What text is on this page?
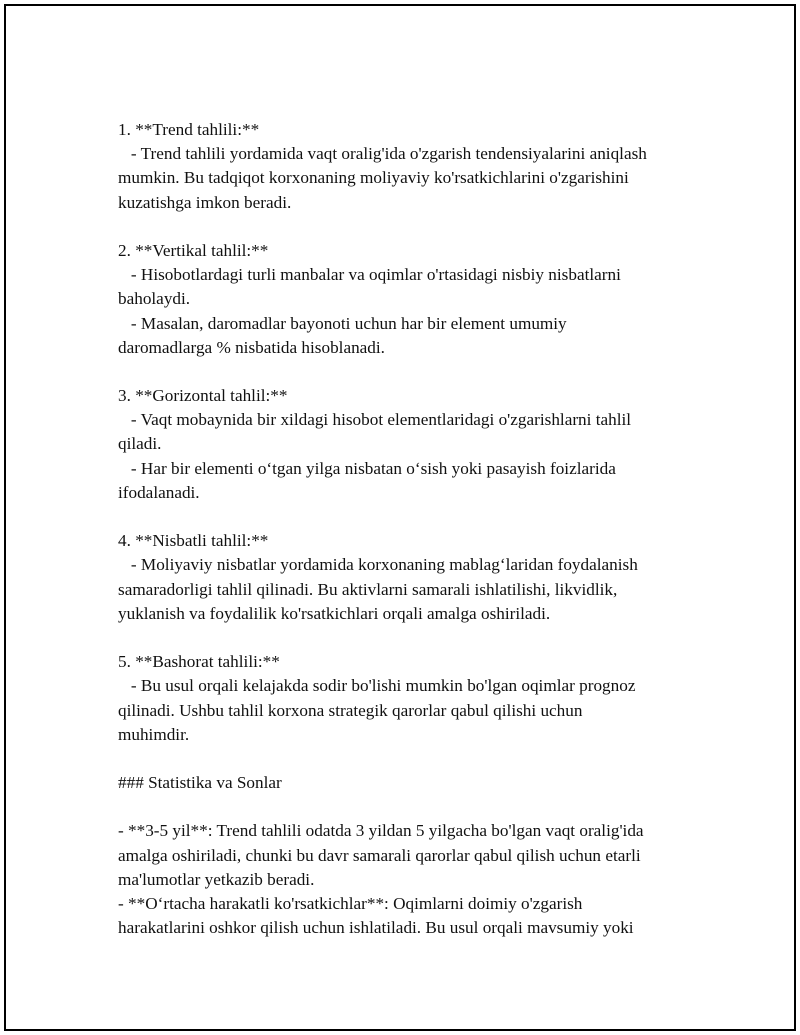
1. **Trend tahlili:**
- Trend tahlili yordamida vaqt oralig'ida o'zgarish tendensiyalarini aniqlash
mumkin. Bu tadqiqot korxonaning moliyaviy ko'rsatkichlarini o'zgarishini
kuzatishga imkon beradi.
2. **Vertikal tahlil:**
- Hisobotlardagi turli manbalar va oqimlar o'rtasidagi nisbiy nisbatlarni
baholaydi.
- Masalan, daromadlar bayonoti uchun har bir element umumiy
daromadlarga % nisbatida hisoblanadi.
3. **Gorizontal tahlil:**
- Vaqt mobaynida bir xildagi hisobot elementlaridagi o'zgarishlarni tahlil
qiladi.
- Har bir elementi o‘tgan yilga nisbatan o‘sish yoki pasayish foizlarida
ifodalanadi.
4. **Nisbatli tahlil:**
- Moliyaviy nisbatlar yordamida korxonaning mablag‘laridan foydalanish
samaradorligi tahlil qilinadi. Bu aktivlarni samarali ishlatilishi, likvidlik,
yuklanish va foydalilik ko'rsatkichlari orqali amalga oshiriladi.
5. **Bashorat tahlili:**
- Bu usul orqali kelajakda sodir bo'lishi mumkin bo'lgan oqimlar prognoz
qilinadi. Ushbu tahlil korxona strategik qarorlar qabul qilishi uchun
muhimdir.
### Statistika va Sonlar
- **3-5 yil**: Trend tahlili odatda 3 yildan 5 yilgacha bo'lgan vaqt oralig'ida
amalga oshiriladi, chunki bu davr samarali qarorlar qabul qilish uchun etarli
ma'lumotlar yetkazib beradi.
- **O‘rtacha harakatli ko'rsatkichlar**: Oqimlarni doimiy o'zgarish
harakatlarini oshkor qilish uchun ishlatiladi. Bu usul orqali mavsumiy yoki
